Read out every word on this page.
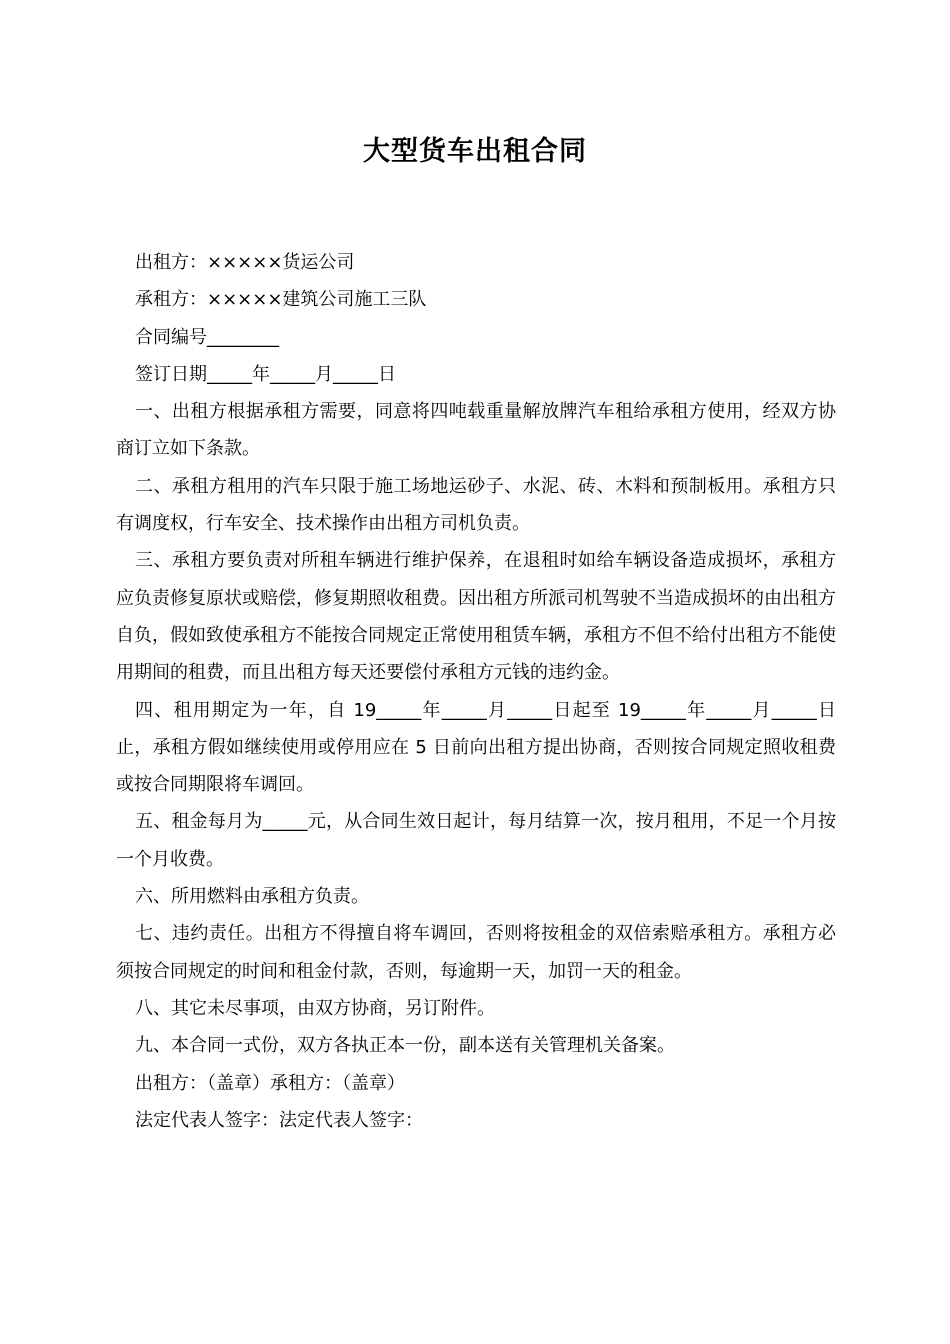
大型货车出租合同

出租方：×××××货运公司

承租方：×××××建筑公司施工三队

合同编号________

签订日期_____年_____月_____日

一、出租方根据承租方需要，同意将四吨载重量解放牌汽车租给承租方使用，经双方协商订立如下条款。

二、承租方租用的汽车只限于施工场地运砂子、水泥、砖、木料和预制板用。承租方只有调度权，行车安全、技术操作由出租方司机负责。

三、承租方要负责对所租车辆进行维护保养，在退租时如给车辆设备造成损坏，承租方应负责修复原状或赔偿，修复期照收租费。因出租方所派司机驾驶不当造成损坏的由出租方自负，假如致使承租方不能按合同规定正常使用租赁车辆，承租方不但不给付出租方不能使用期间的租费，而且出租方每天还要偿付承租方元钱的违约金。

四、租用期定为一年，自 19_____年_____月_____日起至 19_____年_____月_____日止，承租方假如继续使用或停用应在 5 日前向出租方提出协商，否则按合同规定照收租费或按合同期限将车调回。

五、租金每月为_____元，从合同生效日起计，每月结算一次，按月租用，不足一个月按一个月收费。

六、所用燃料由承租方负责。

七、违约责任。出租方不得擅自将车调回，否则将按租金的双倍索赔承租方。承租方必须按合同规定的时间和租金付款，否则，每逾期一天，加罚一天的租金。

八、其它未尽事项，由双方协商，另订附件。

九、本合同一式份，双方各执正本一份，副本送有关管理机关备案。

出租方：（盖章）承租方：（盖章）

法定代表人签字：法定代表人签字：
